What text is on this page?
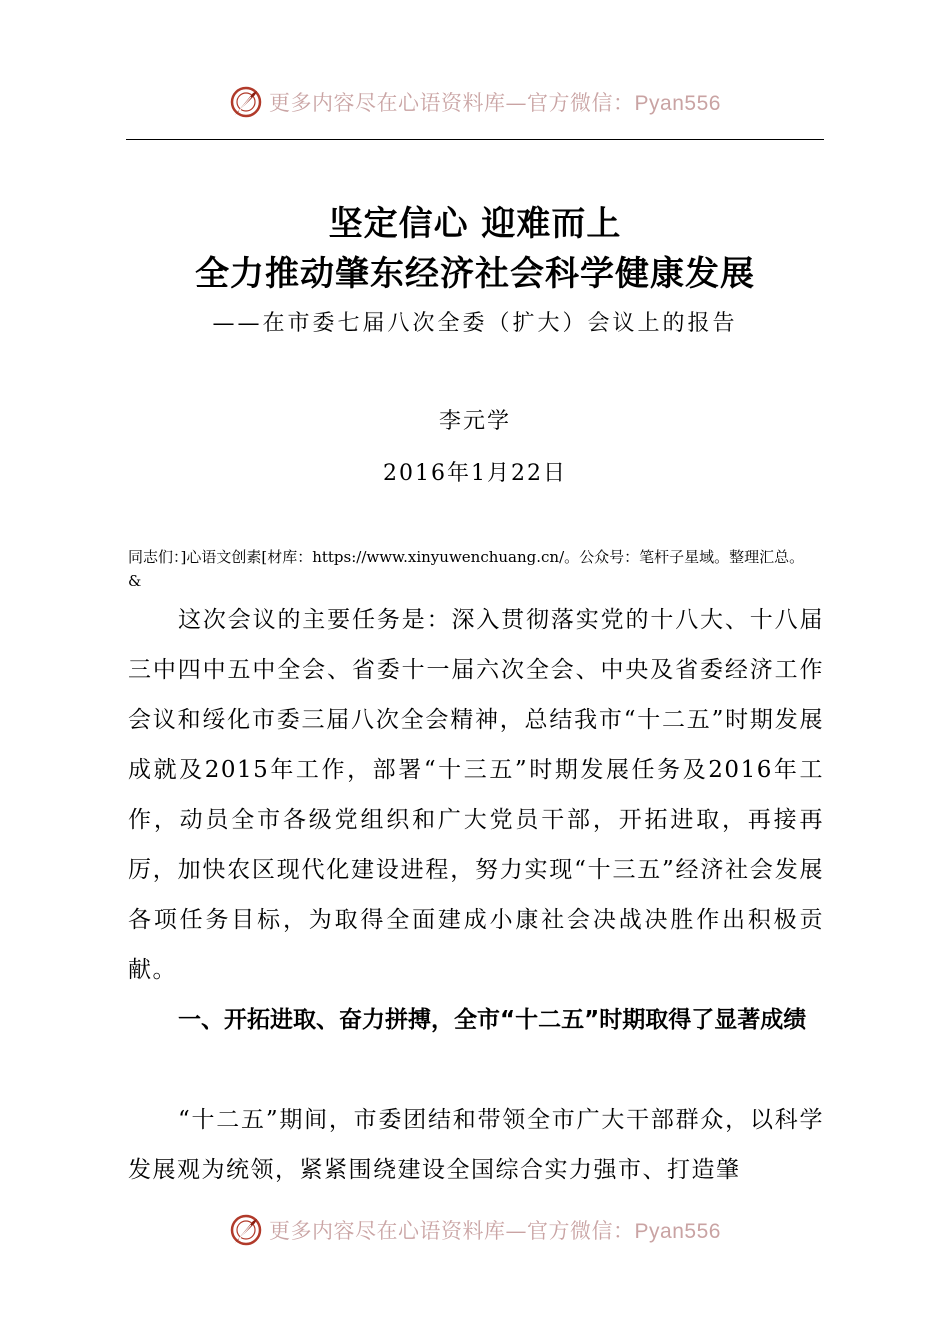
更多内容尽在心语资料库—官方微信：Pyan556
坚定信心 迎难而上
全力推动肇东经济社会科学健康发展
——在市委七届八次全委（扩大）会议上的报告
李元学
2016年1月22日
同志们：]心语文创素[材库：https://www.xinyuwenchuang.cn/。公众号：笔杆子星域。整理汇总。
&
这次会议的主要任务是：深入贯彻落实党的十八大、十八届三中四中五中全会、省委十一届六次全会、中央及省委经济工作会议和绥化市委三届八次全会精神，总结我市“十二五”时期发展成就及2015年工作，部署“十三五”时期发展任务及2016年工作，动员全市各级党组织和广大党员干部，开拓进取，再接再厉，加快农区现代化建设进程，努力实现“十三五”经济社会发展各项任务目标，为取得全面建成小康社会决战决胜作出积极贡献。
一、开拓进取、奋力拼搏，全市“十二五”时期取得了显著成绩
“十二五”期间，市委团结和带领全市广大干部群众，以科学发展观为统领，紧紧围绕建设全国综合实力强市、打造肇
更多内容尽在心语资料库—官方微信：Pyan556
